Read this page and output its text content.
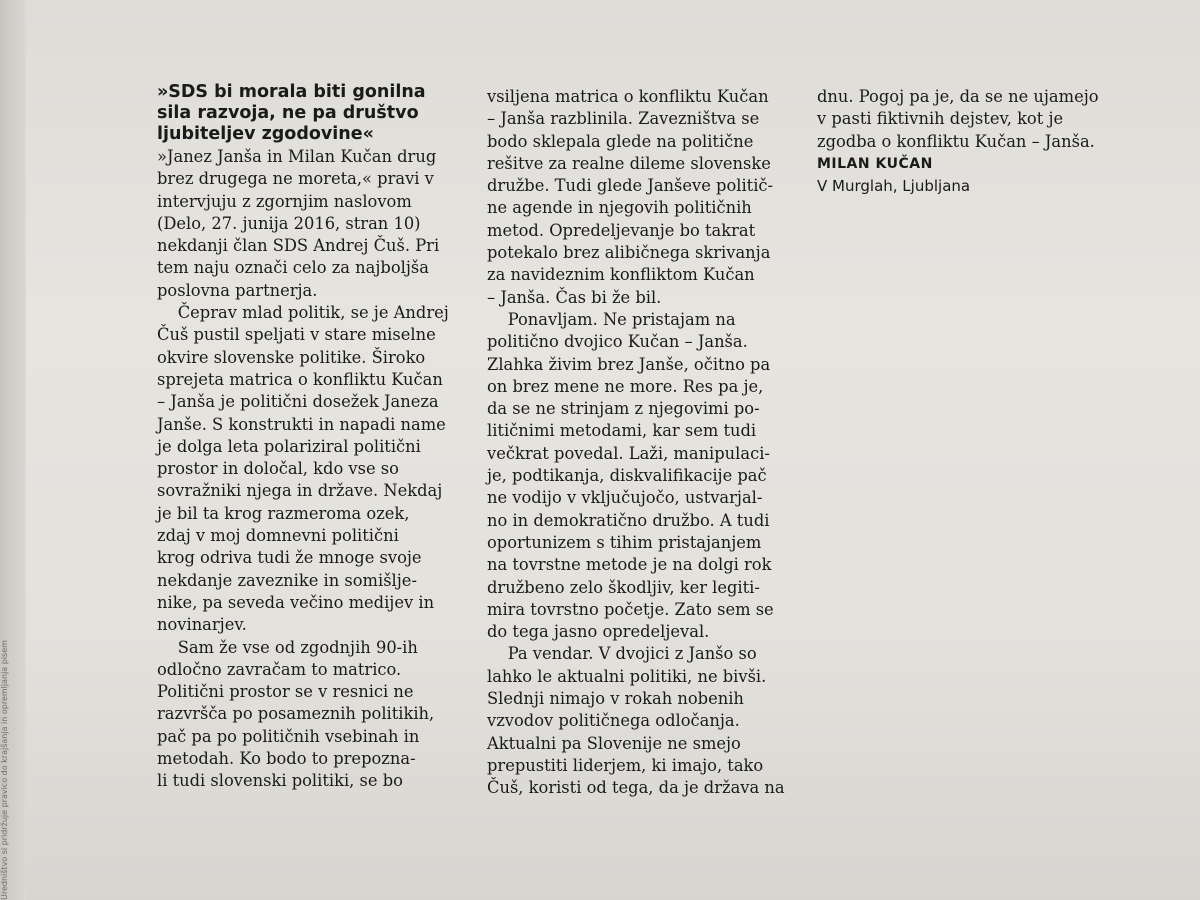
Uredništvo si pridržuje pravico do krajšanja in opremljanja pisem
»SDS bi morala biti gonilna
sila razvoja, ne pa društvo
ljubiteljev zgodovine«
»Janez Janša in Milan Kučan drug
brez drugega ne moreta,« pravi v
intervjuju z zgornjim naslovom
(Delo, 27. junija 2016, stran 10)
nekdanji član SDS Andrej Čuš. Pri
tem naju označi celo za najboljša
poslovna partnerja.
Čeprav mlad politik, se je Andrej
Čuš pustil speljati v stare miselne
okvire slovenske politike. Široko
sprejeta matrica o konfliktu Kučan
– Janša je politični dosežek Janeza
Janše. S konstrukti in napadi name
je dolga leta polariziral politični
prostor in določal, kdo vse so
sovražniki njega in države. Nekdaj
je bil ta krog razmeroma ozek,
zdaj v moj domnevni politični
krog odriva tudi že mnoge svoje
nekdanje zaveznike in somišlje-
nike, pa seveda večino medijev in
novinarjev.
Sam že vse od zgodnjih 90-ih
odločno zavračam to matrico.
Politični prostor se v resnici ne
razvršča po posameznih politikih,
pač pa po političnih vsebinah in
metodah. Ko bodo to prepozna-
li tudi slovenski politiki, se bo
vsiljena matrica o konfliktu Kučan
– Janša razblinila. Zavezništva se
bodo sklepala glede na politične
rešitve za realne dileme slovenske
družbe. Tudi glede Janševe politič-
ne agende in njegovih političnih
metod. Opredeljevanje bo takrat
potekalo brez alibičnega skrivanja
za navideznim konfliktom Kučan
– Janša. Čas bi že bil.
Ponavljam. Ne pristajam na
politično dvojico Kučan – Janša.
Zlahka živim brez Janše, očitno pa
on brez mene ne more. Res pa je,
da se ne strinjam z njegovimi po-
litičnimi metodami, kar sem tudi
večkrat povedal. Laži, manipulaci-
je, podtikanja, diskvalifikacije pač
ne vodijo v vključujočo, ustvarjal-
no in demokratično družbo. A tudi
oportunizem s tihim pristajanjem
na tovrstne metode je na dolgi rok
družbeno zelo škodljiv, ker legiti-
mira tovrstno početje. Zato sem se
do tega jasno opredeljeval.
Pa vendar. V dvojici z Janšo so
lahko le aktualni politiki, ne bivši.
Slednji nimajo v rokah nobenih
vzvodov političnega odločanja.
Aktualni pa Slovenije ne smejo
prepustiti liderjem, ki imajo, tako
Čuš, koristi od tega, da je država na
dnu. Pogoj pa je, da se ne ujamejo
v pasti fiktivnih dejstev, kot je
zgodba o konfliktu Kučan – Janša.

MILAN KUČAN

V Murglah, Ljubljana
